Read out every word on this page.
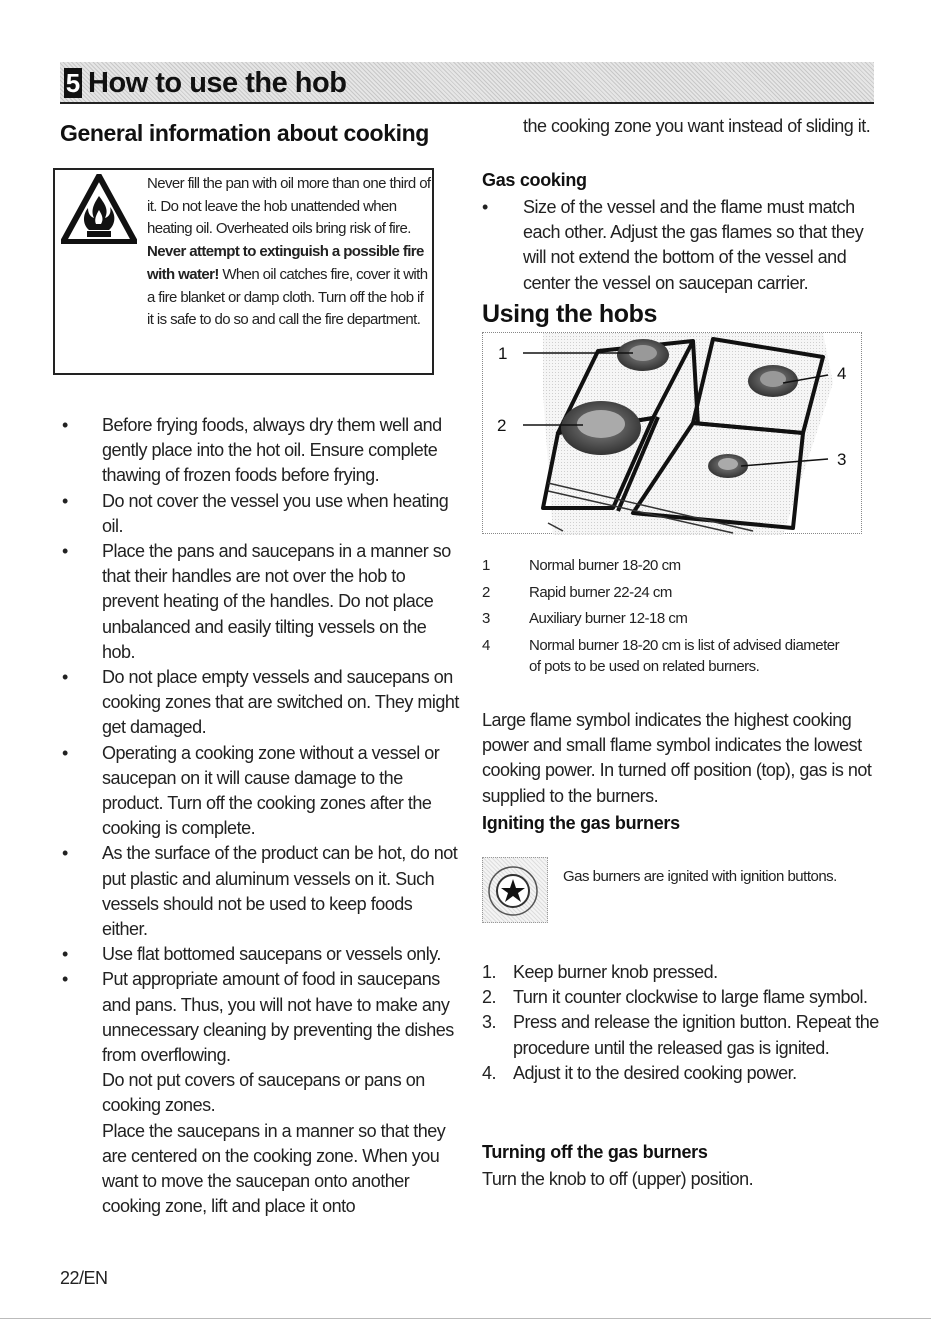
5 How to use the hob
General information about cooking
Never fill the pan with oil more than one third of it. Do not leave the hob unattended when heating oil. Overheated oils bring risk of fire. Never attempt to extinguish a possible fire with water! When oil catches fire, cover it with a fire blanket or damp cloth. Turn off the hob if it is safe to do so and call the fire department.
• Before frying foods, always dry them well and gently place into the hot oil. Ensure complete thawing of frozen foods before frying.
• Do not cover the vessel you use when heating oil.
• Place the pans and saucepans in a manner so that their handles are not over the hob to prevent heating of the handles. Do not place unbalanced and easily tilting vessels on the hob.
• Do not place empty vessels and saucepans on cooking zones that are switched on. They might get damaged.
• Operating a cooking zone without a vessel or saucepan on it will cause damage to the product. Turn off the cooking zones after the cooking is complete.
• As the surface of the product can be hot, do not put plastic and aluminum vessels on it. Such vessels should not be used to keep foods either.
• Use flat bottomed saucepans or vessels only.
• Put appropriate amount of food in saucepans and pans. Thus, you will not have to make any unnecessary cleaning by preventing the dishes from overflowing.
Do not put covers of saucepans or pans on cooking zones.
Place the saucepans in a manner so that they are centered on the cooking zone. When you want to move the saucepan onto another cooking zone, lift and place it onto
the cooking zone you want instead of sliding it.
Gas cooking
• Size of the vessel and the flame must match each other. Adjust the gas flames so that they will not extend the bottom of the vessel and center the vessel on saucepan carrier.
Using the hobs
1
2
3
4
1	Normal burner 18-20 cm
2	Rapid burner 22-24 cm
3	Auxiliary burner 12-18 cm
4	Normal burner 18-20 cm is list of advised diameter of pots to be used on related burners.
Large flame symbol indicates the highest cooking power and small flame symbol indicates the lowest cooking power. In turned off position (top), gas is not supplied to the burners.
Igniting the gas burners
Gas burners are ignited with ignition buttons.
1. Keep burner knob pressed.
2. Turn it counter clockwise to large flame symbol.
3. Press and release the ignition button. Repeat the procedure until the released gas is ignited.
4. Adjust it to the desired cooking power.
Turning off the gas burners
Turn the knob to off (upper) position.
22/EN
